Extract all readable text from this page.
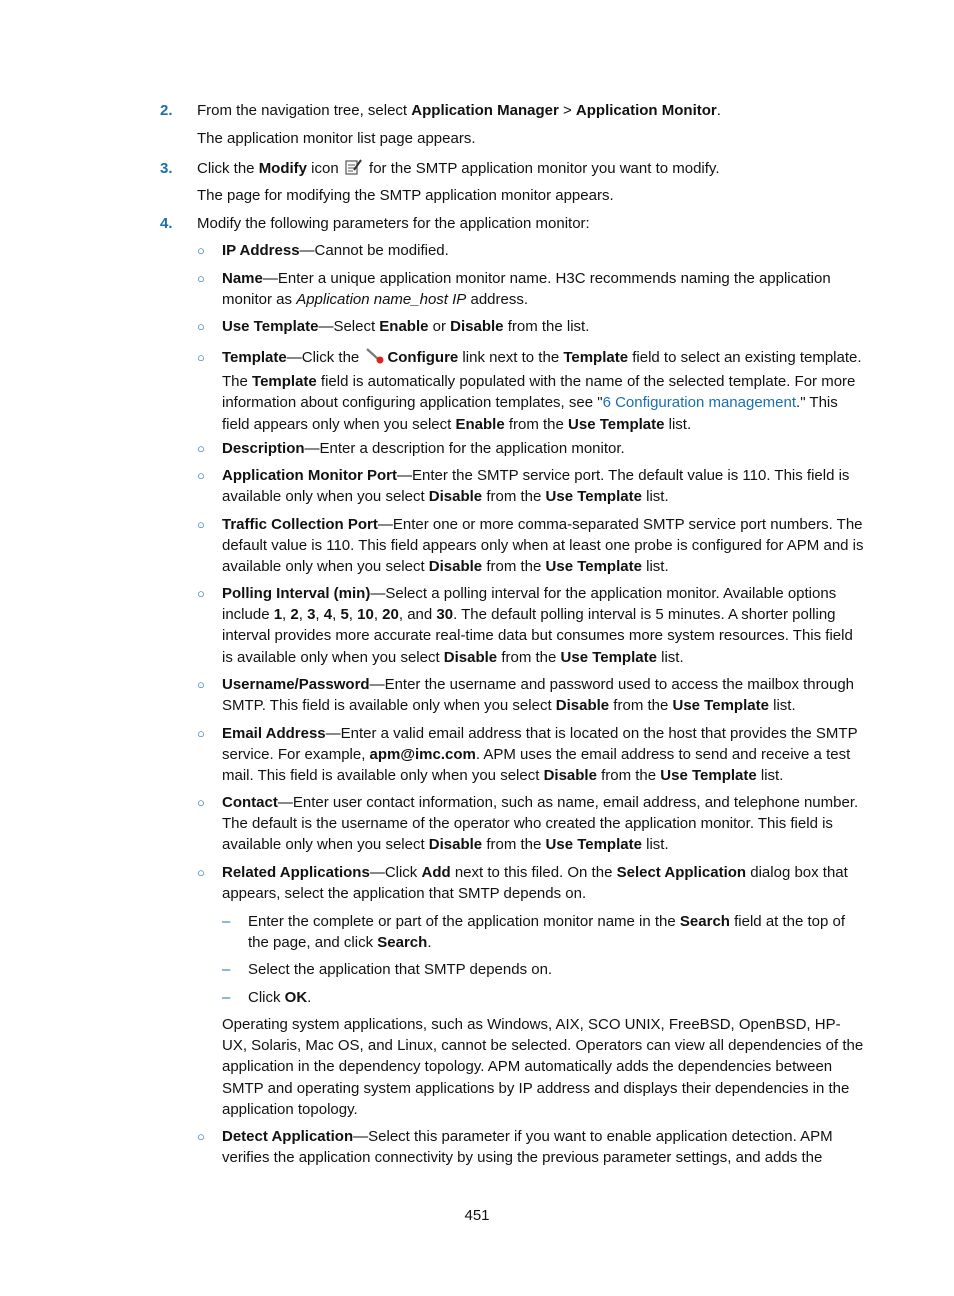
2. From the navigation tree, select Application Manager > Application Monitor.
The application monitor list page appears.
3. Click the Modify icon  for the SMTP application monitor you want to modify.
The page for modifying the SMTP application monitor appears.
4. Modify the following parameters for the application monitor:
○ IP Address—Cannot be modified.
○ Name—Enter a unique application monitor name. H3C recommends naming the application monitor as Application name_host IP address.
○ Use Template—Select Enable or Disable from the list.
○ Template—Click the Configure link next to the Template field to select an existing template. The Template field is automatically populated with the name of the selected template. For more information about configuring application templates, see "6 Configuration management." This field appears only when you select Enable from the Use Template list.
○ Description—Enter a description for the application monitor.
○ Application Monitor Port—Enter the SMTP service port. The default value is 110. This field is available only when you select Disable from the Use Template list.
○ Traffic Collection Port—Enter one or more comma-separated SMTP service port numbers. The default value is 110. This field appears only when at least one probe is configured for APM and is available only when you select Disable from the Use Template list.
○ Polling Interval (min)—Select a polling interval for the application monitor. Available options include 1, 2, 3, 4, 5, 10, 20, and 30. The default polling interval is 5 minutes. A shorter polling interval provides more accurate real-time data but consumes more system resources. This field is available only when you select Disable from the Use Template list.
○ Username/Password—Enter the username and password used to access the mailbox through SMTP. This field is available only when you select Disable from the Use Template list.
○ Email Address—Enter a valid email address that is located on the host that provides the SMTP service. For example, apm@imc.com. APM uses the email address to send and receive a test mail. This field is available only when you select Disable from the Use Template list.
○ Contact—Enter user contact information, such as name, email address, and telephone number. The default is the username of the operator who created the application monitor. This field is available only when you select Disable from the Use Template list.
○ Related Applications—Click Add next to this filed. On the Select Application dialog box that appears, select the application that SMTP depends on.
– Enter the complete or part of the application monitor name in the Search field at the top of the page, and click Search.
– Select the application that SMTP depends on.
– Click OK.
Operating system applications, such as Windows, AIX, SCO UNIX, FreeBSD, OpenBSD, HP-UX, Solaris, Mac OS, and Linux, cannot be selected. Operators can view all dependencies of the application in the dependency topology. APM automatically adds the dependencies between SMTP and operating system applications by IP address and displays their dependencies in the application topology.
○ Detect Application—Select this parameter if you want to enable application detection. APM verifies the application connectivity by using the previous parameter settings, and adds the
451
